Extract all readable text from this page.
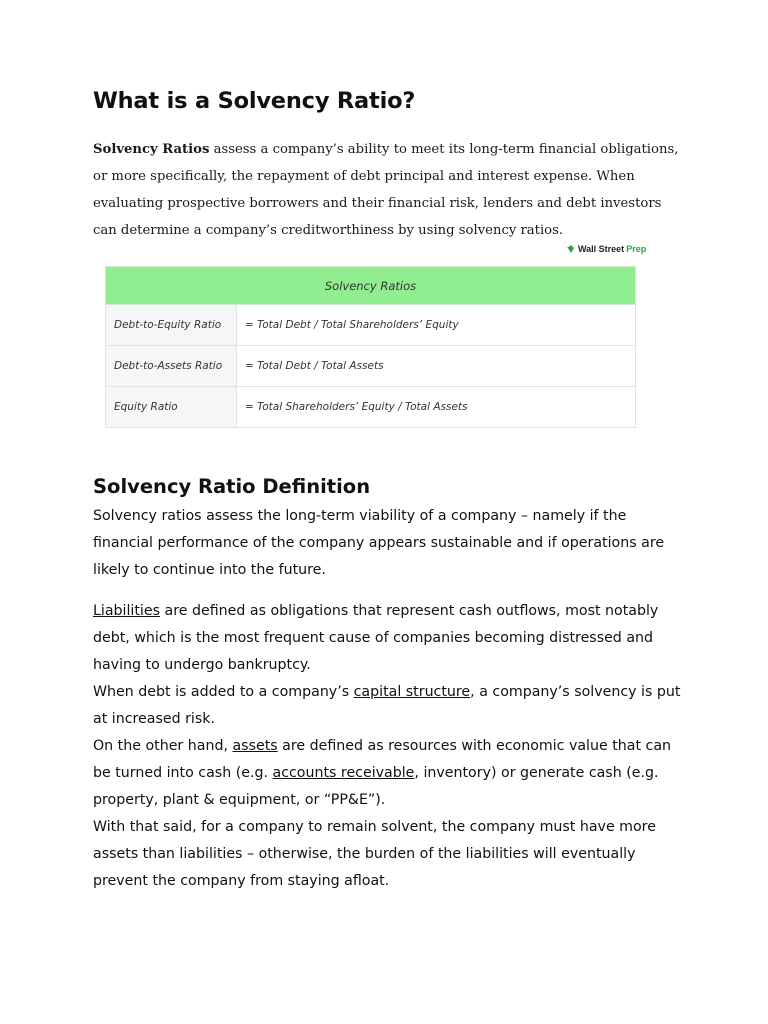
What is a Solvency Ratio?

Solvency Ratios assess a company’s ability to meet its long-term financial obligations, or more specifically, the repayment of debt principal and interest expense. When evaluating prospective borrowers and their financial risk, lenders and debt investors can determine a company’s creditworthiness by using solvency ratios.

Wall Street Prep
Solvency Ratios	
Debt-to-Equity Ratio	= Total Debt / Total Shareholders’ Equity
Debt-to-Assets Ratio	= Total Debt / Total Assets
Equity Ratio	= Total Shareholders’ Equity / Total Assets
Solvency Ratio Definition

Solvency ratios assess the long-term viability of a company – namely if the financial performance of the company appears sustainable and if operations are likely to continue into the future.

Liabilities are defined as obligations that represent cash outflows, most notably debt, which is the most frequent cause of companies becoming distressed and having to undergo bankruptcy.
When debt is added to a company’s capital structure, a company’s solvency is put at increased risk.
On the other hand, assets are defined as resources with economic value that can be turned into cash (e.g. accounts receivable, inventory) or generate cash (e.g. property, plant & equipment, or “PP&E”).
With that said, for a company to remain solvent, the company must have more assets than liabilities – otherwise, the burden of the liabilities will eventually prevent the company from staying afloat.
